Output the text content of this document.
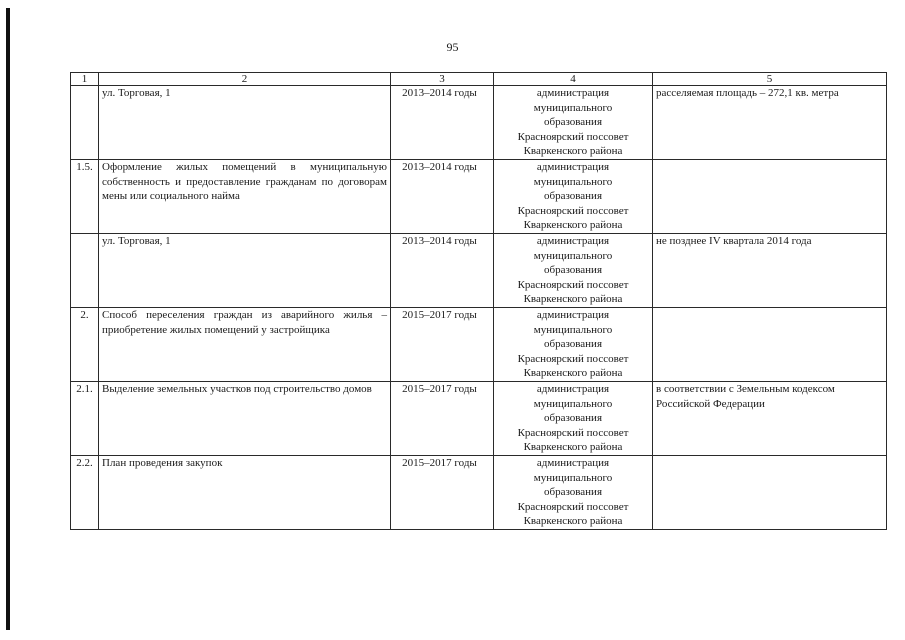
95
1	2	3	4	5
	ул. Торговая, 1	2013–2014 годы	администрация
муниципального
образования
Красноярский поссовет
Кваркенского района	расселяемая площадь – 272,1 кв. метра
1.5.	Оформление жилых помещений в муниципальную собственность и предоставление гражданам по договорам мены или социального найма	2013–2014 годы	администрация
муниципального
образования
Красноярский поссовет
Кваркенского района	

	ул. Торговая, 1	2013–2014 годы	администрация
муниципального
образования
Красноярский поссовет
Кваркенского района	не позднее IV квартала 2014 года
2.	Способ переселения граждан из аварийного жилья – приобретение жилых помещений у застройщика	2015–2017 годы	администрация
муниципального
образования
Красноярский поссовет
Кваркенского района	

2.1.	Выделение земельных участков под строительство домов	2015–2017 годы	администрация
муниципального
образования
Красноярский поссовет
Кваркенского района	в соответствии с Земельным кодексом Российской Федерации
2.2.	План проведения закупок	2015–2017 годы	администрация
муниципального
образования
Красноярский поссовет
Кваркенского района	
